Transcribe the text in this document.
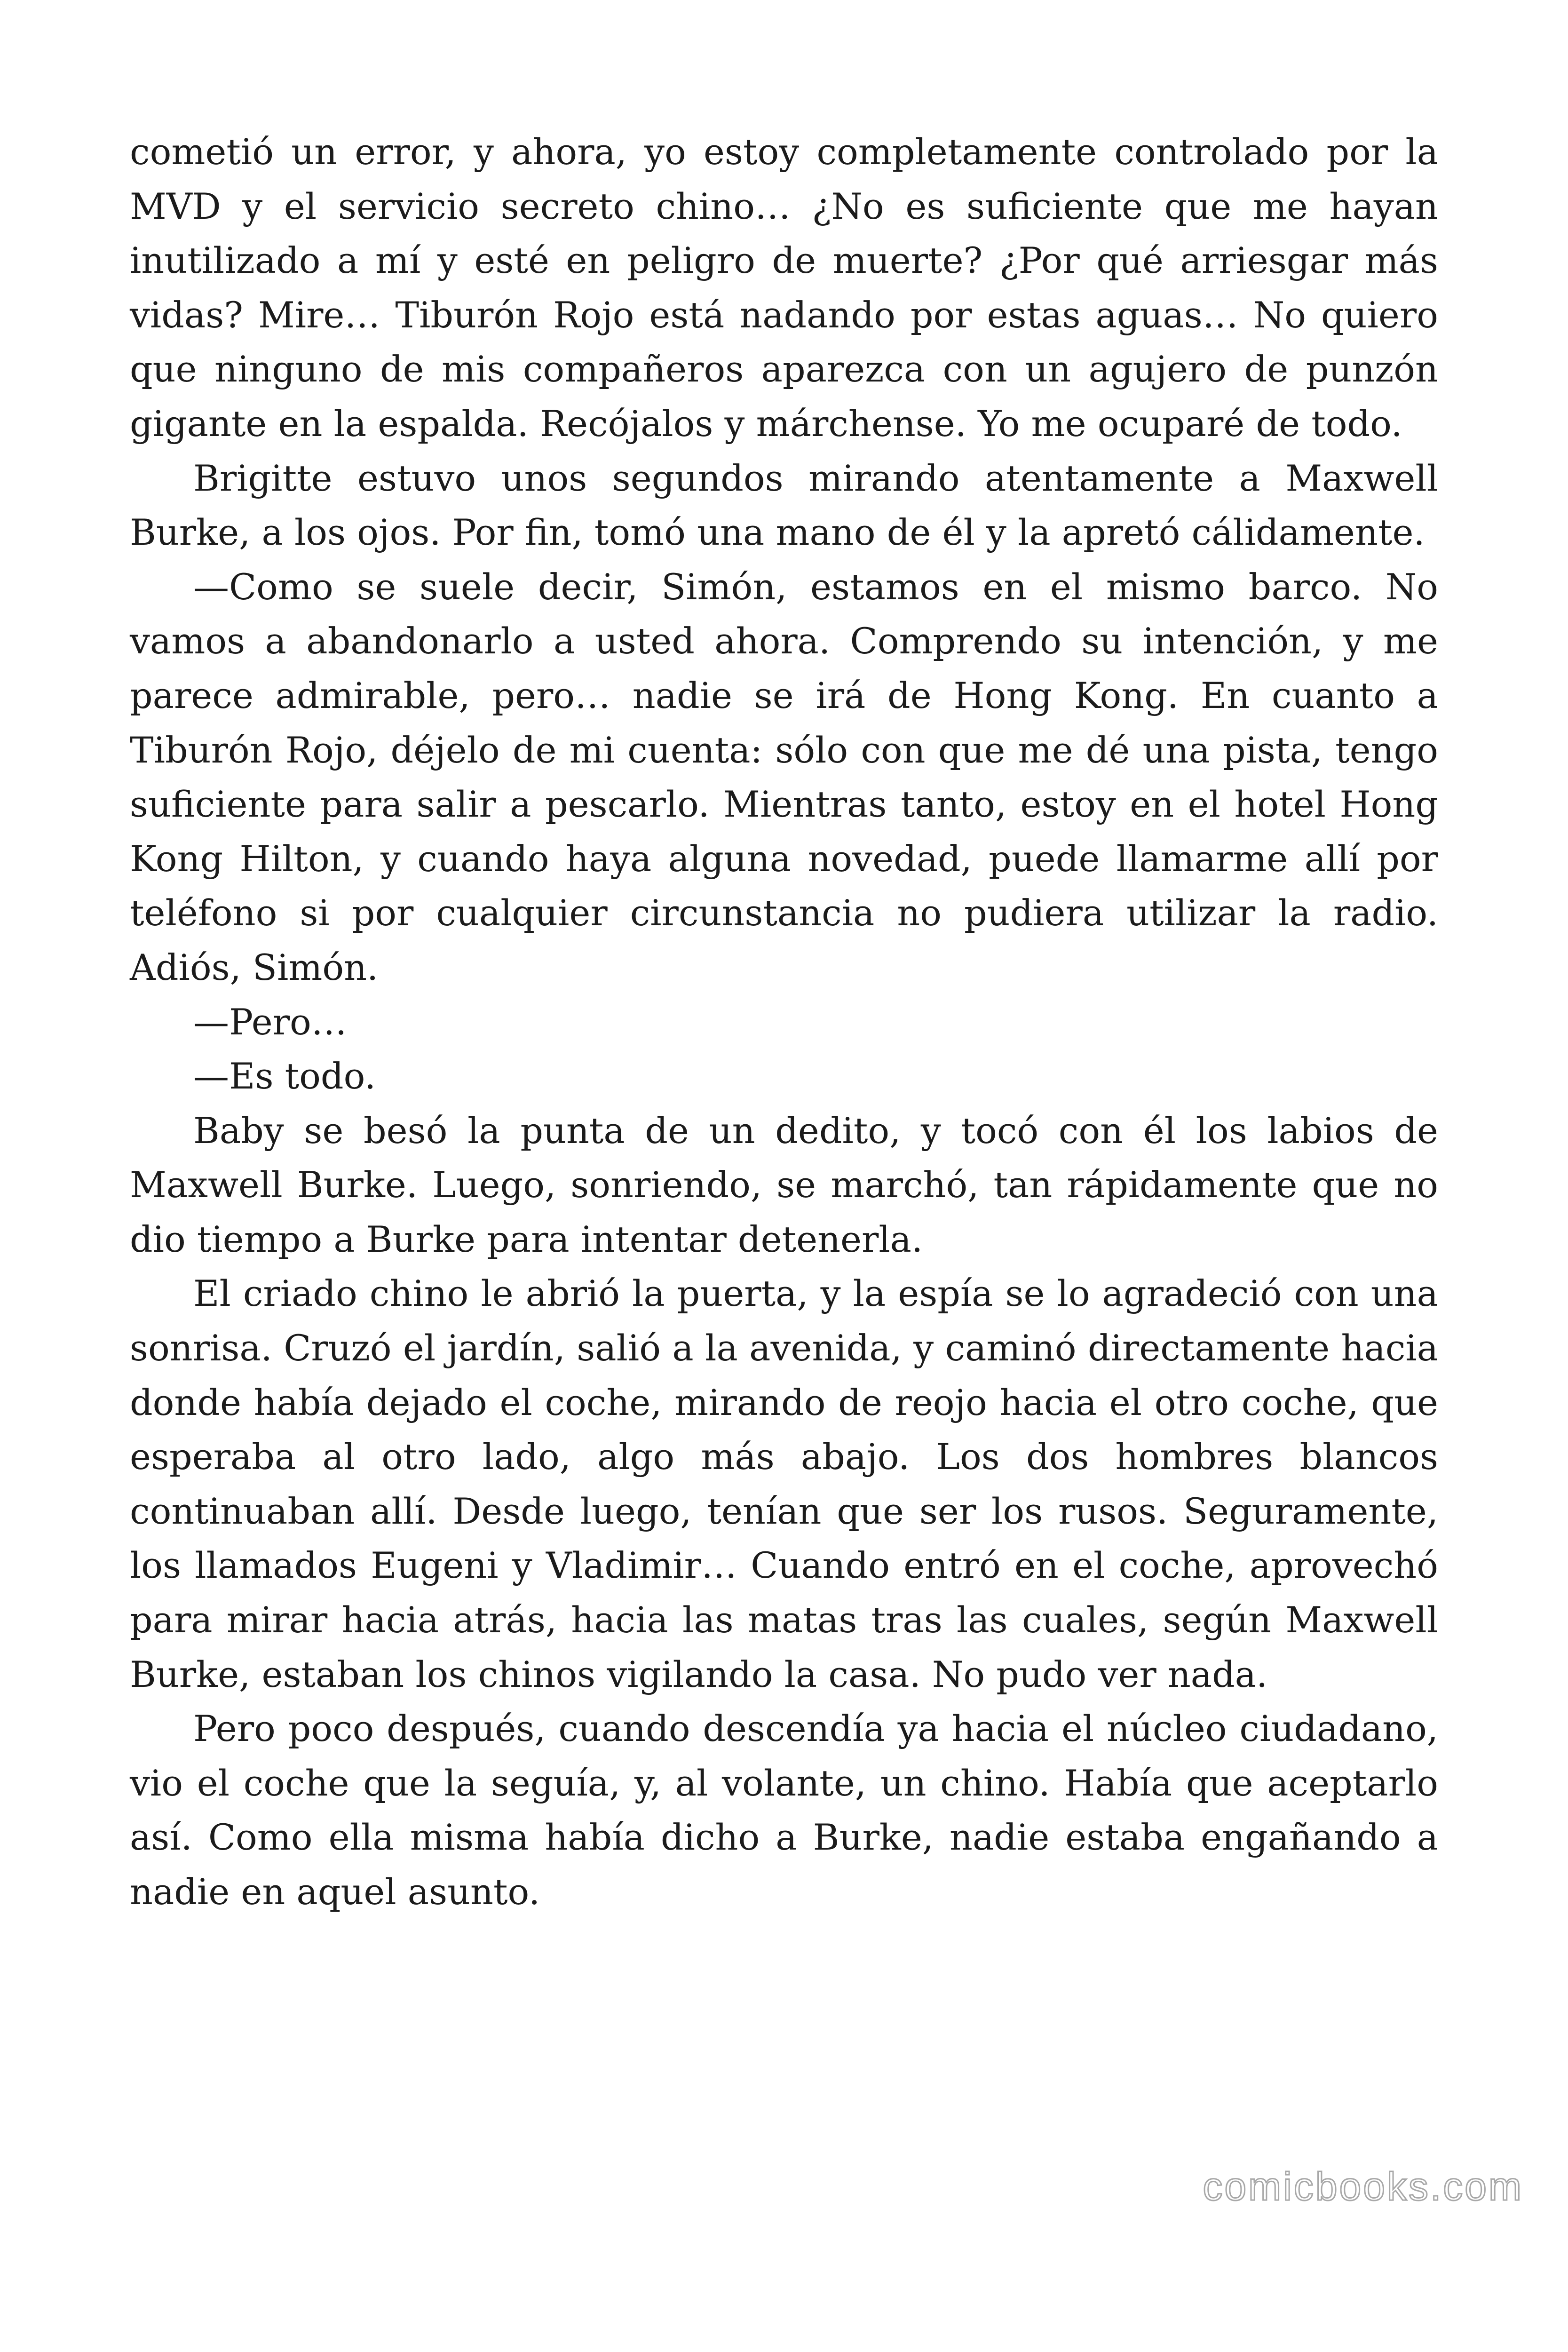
cometió un error, y ahora, yo estoy completamente controlado por la MVD y el servicio secreto chino… ¿No es suficiente que me hayan inutilizado a mí y esté en peligro de muerte? ¿Por qué arriesgar más vidas? Mire… Tiburón Rojo está nadando por estas aguas… No quiero que ninguno de mis compañeros aparezca con un agujero de punzón gigante en la espalda. Recójalos y márchense. Yo me ocuparé de todo.

Brigitte estuvo unos segundos mirando atentamente a Maxwell Burke, a los ojos. Por fin, tomó una mano de él y la apretó cálidamente.

—Como se suele decir, Simón, estamos en el mismo barco. No vamos a abandonarlo a usted ahora. Comprendo su intención, y me parece admirable, pero… nadie se irá de Hong Kong. En cuanto a Tiburón Rojo, déjelo de mi cuenta: sólo con que me dé una pista, tengo suficiente para salir a pescarlo. Mientras tanto, estoy en el hotel Hong Kong Hilton, y cuando haya alguna novedad, puede llamarme allí por teléfono si por cualquier circunstancia no pudiera utilizar la radio. Adiós, Simón.

—Pero…

—Es todo.

Baby se besó la punta de un dedito, y tocó con él los labios de Maxwell Burke. Luego, sonriendo, se marchó, tan rápidamente que no dio tiempo a Burke para intentar detenerla.

El criado chino le abrió la puerta, y la espía se lo agradeció con una sonrisa. Cruzó el jardín, salió a la avenida, y caminó directamente hacia donde había dejado el coche, mirando de reojo hacia el otro coche, que esperaba al otro lado, algo más abajo. Los dos hombres blancos continuaban allí. Desde luego, tenían que ser los rusos. Seguramente, los llamados Eugeni y Vladimir… Cuando entró en el coche, aprovechó para mirar hacia atrás, hacia las matas tras las cuales, según Maxwell Burke, estaban los chinos vigilando la casa. No pudo ver nada.

Pero poco después, cuando descendía ya hacia el núcleo ciudadano, vio el coche que la seguía, y, al volante, un chino. Había que aceptarlo así. Como ella misma había dicho a Burke, nadie estaba engañando a nadie en aquel asunto.

comicbooks.com
